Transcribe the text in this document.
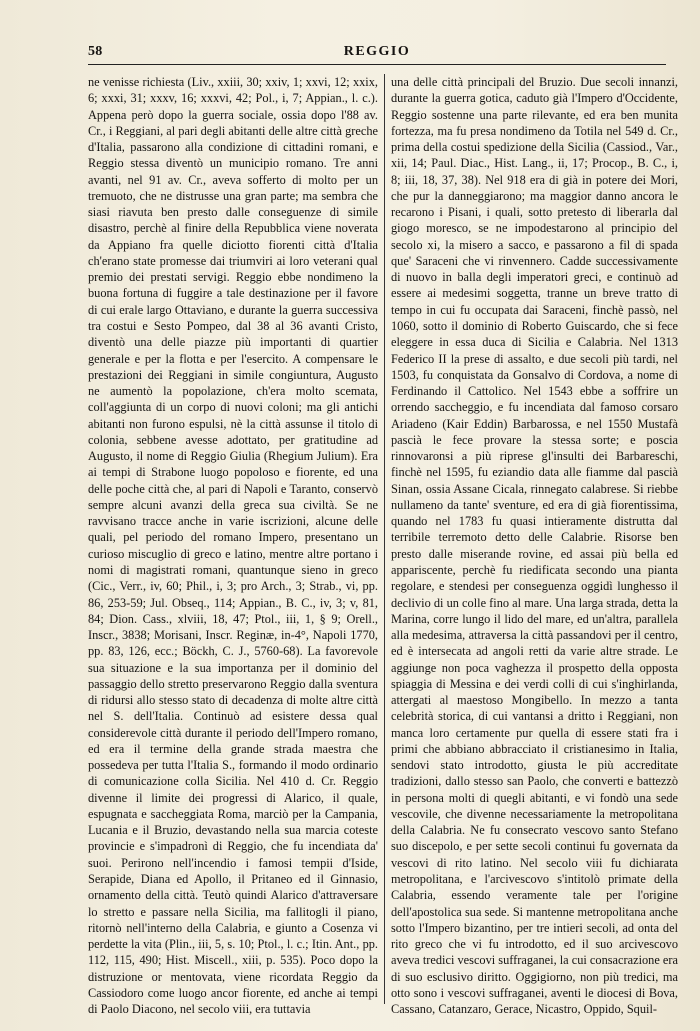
58	REGGIO

ne venisse richiesta (Liv., xxiii, 30; xxiv, 1; xxvi, 12; xxix, 6; xxxi, 31; xxxv, 16; xxxvi, 42; Pol., i, 7; Appian., l. c.). Appena però dopo la guerra sociale, ossia dopo l'88 av. Cr., i Reggiani, al pari degli abitanti delle altre città greche d'Italia, passarono alla condizione di cittadini romani, e Reggio stessa diventò un municipio romano. Tre anni avanti, nel 91 av. Cr., aveva sofferto di molto per un tremuoto, che ne distrusse una gran parte; ma sembra che siasi riavuta ben presto dalle conseguenze di simile disastro, perchè al finire della Repubblica viene noverata da Appiano fra quelle diciotto fiorenti città d'Italia ch'erano state promesse dai triumviri ai loro veterani qual premio dei prestati servigi. Reggio ebbe nondimeno la buona fortuna di fuggire a tale destinazione per il favore di cui erale largo Ottaviano, e durante la guerra successiva tra costui e Sesto Pompeo, dal 38 al 36 avanti Cristo, diventò una delle piazze più importanti di quartier generale e per la flotta e per l'esercito. A compensare le prestazioni dei Reggiani in simile congiuntura, Augusto ne aumentò la popolazione, ch'era molto scemata, coll'aggiunta di un corpo di nuovi coloni; ma gli antichi abitanti non furono espulsi, nè la città assunse il titolo di colonia, sebbene avesse adottato, per gratitudine ad Augusto, il nome di Reggio Giulia (Rhegium Julium). Era ai tempi di Strabone luogo popoloso e fiorente, ed una delle poche città che, al pari di Napoli e Taranto, conservò sempre alcuni avanzi della greca sua civiltà. Se ne ravvisano tracce anche in varie iscrizioni, alcune delle quali, pel periodo del romano Impero, presentano un curioso miscuglio di greco e latino, mentre altre portano i nomi di magistrati romani, quantunque sieno in greco (Cic., Verr., iv, 60; Phil., i, 3; pro Arch., 3; Strab., vi, pp. 86, 253-59; Jul. Obseq., 114; Appian., B. C., iv, 3; v, 81, 84; Dion. Cass., xlviii, 18, 47; Ptol., iii, 1, § 9; Orell., Inscr., 3838; Morisani, Inscr. Reginæ, in-4°, Napoli 1770, pp. 83, 126, ecc.; Böckh, C. J., 5760-68). La favorevole sua situazione e la sua importanza per il dominio del passaggio dello stretto preservarono Reggio dalla sventura di ridursi allo stesso stato di decadenza di molte altre città nel S. dell'Italia. Continuò ad esistere dessa qual considerevole città durante il periodo dell'Impero romano, ed era il termine della grande strada maestra che possedeva per tutta l'Italia S., formando il modo ordinario di comunicazione colla Sicilia. Nel 410 d. Cr. Reggio divenne il limite dei progressi di Alarico, il quale, espugnata e saccheggiata Roma, marciò per la Campania, Lucania e il Bruzio, devastando nella sua marcia coteste provincie e s'impadronì di Reggio, che fu incendiata da' suoi. Perirono nell'incendio i famosi tempii d'Iside, Serapide, Diana ed Apollo, il Pritaneo ed il Ginnasio, ornamento della città. Teutò quindi Alarico d'attraversare lo stretto e passare nella Sicilia, ma fallitogli il piano, ritornò nell'interno della Calabria, e giunto a Cosenza vi perdette la vita (Plin., iii, 5, s. 10; Ptol., l. c.; Itin. Ant., pp. 112, 115, 490; Hist. Miscell., xiii, p. 535). Poco dopo la distruzione or mentovata, viene ricordata Reggio da Cassiodoro come luogo ancor fiorente, ed anche ai tempi di Paolo Diacono, nel secolo viii, era tuttavia

una delle città principali del Bruzio. Due secoli innanzi, durante la guerra gotica, caduto già l'Impero d'Occidente, Reggio sostenne una parte rilevante, ed era ben munita fortezza, ma fu presa nondimeno da Totila nel 549 d. Cr., prima della costui spedizione della Sicilia (Cassiod., Var., xii, 14; Paul. Diac., Hist. Lang., ii, 17; Procop., B. C., i, 8; iii, 18, 37, 38). Nel 918 era di già in potere dei Mori, che pur la danneggiarono; ma maggior danno ancora le recarono i Pisani, i quali, sotto pretesto di liberarla dal giogo moresco, se ne impodestarono al principio del secolo xi, la misero a sacco, e passarono a fil di spada que' Saraceni che vi rinvennero. Cadde successivamente di nuovo in balla degli imperatori greci, e continuò ad essere ai medesimi soggetta, tranne un breve tratto di tempo in cui fu occupata dai Saraceni, finchè passò, nel 1060, sotto il dominio di Roberto Guiscardo, che si fece eleggere in essa duca di Sicilia e Calabria. Nel 1313 Federico II la prese di assalto, e due secoli più tardi, nel 1503, fu conquistata da Gonsalvo di Cordova, a nome di Ferdinando il Cattolico. Nel 1543 ebbe a soffrire un orrendo saccheggio, e fu incendiata dal famoso corsaro Ariadeno (Kair Eddin) Barbarossa, e nel 1550 Mustafà pascià le fece provare la stessa sorte; e poscia rinnovaronsi a più riprese gl'insulti dei Barbareschi, finchè nel 1595, fu eziandio data alle fiamme dal pascià Sinan, ossia Assane Cicala, rinnegato calabrese. Si riebbe nullameno da tante' sventure, ed era di già fiorentissima, quando nel 1783 fu quasi intieramente distrutta dal terribile terremoto detto delle Calabrie. Risorse ben presto dalle miserande rovine, ed assai più bella ed appariscente, perchè fu riedificata secondo una pianta regolare, e stendesi per conseguenza oggidì lunghesso il declivio di un colle fino al mare. Una larga strada, detta la Marina, corre lungo il lido del mare, ed un'altra, parallela alla medesima, attraversa la città passandovi per il centro, ed è intersecata ad angoli retti da varie altre strade. Le aggiunge non poca vaghezza il prospetto della opposta spiaggia di Messina e dei verdi colli di cui s'inghirlanda, attergati al maestoso Mongibello. In mezzo a tanta celebrità storica, di cui vantansi a dritto i Reggiani, non manca loro certamente pur quella di essere stati fra i primi che abbiano abbracciato il cristianesimo in Italia, sendovi stato introdotto, giusta le più accreditate tradizioni, dallo stesso san Paolo, che converti e battezzò in persona molti di quegli abitanti, e vi fondò una sede vescovile, che divenne necessariamente la metropolitana della Calabria. Ne fu consecrato vescovo santo Stefano suo discepolo, e per sette secoli continui fu governata da vescovi di rito latino. Nel secolo viii fu dichiarata metropolitana, e l'arcivescovo s'intitolò primate della Calabria, essendo veramente tale per l'origine dell'apostolica sua sede. Si mantenne metropolitana anche sotto l'Impero bizantino, per tre intieri secoli, ad onta del rito greco che vi fu introdotto, ed il suo arcivescovo aveva tredici vescovi suffraganei, la cui consacrazione era di suo esclusivo diritto. Oggigiorno, non più tredici, ma otto sono i vescovi suffraganei, aventi le diocesi di Bova, Cassano, Catanzaro, Gerace, Nicastro, Oppido, Squil-
